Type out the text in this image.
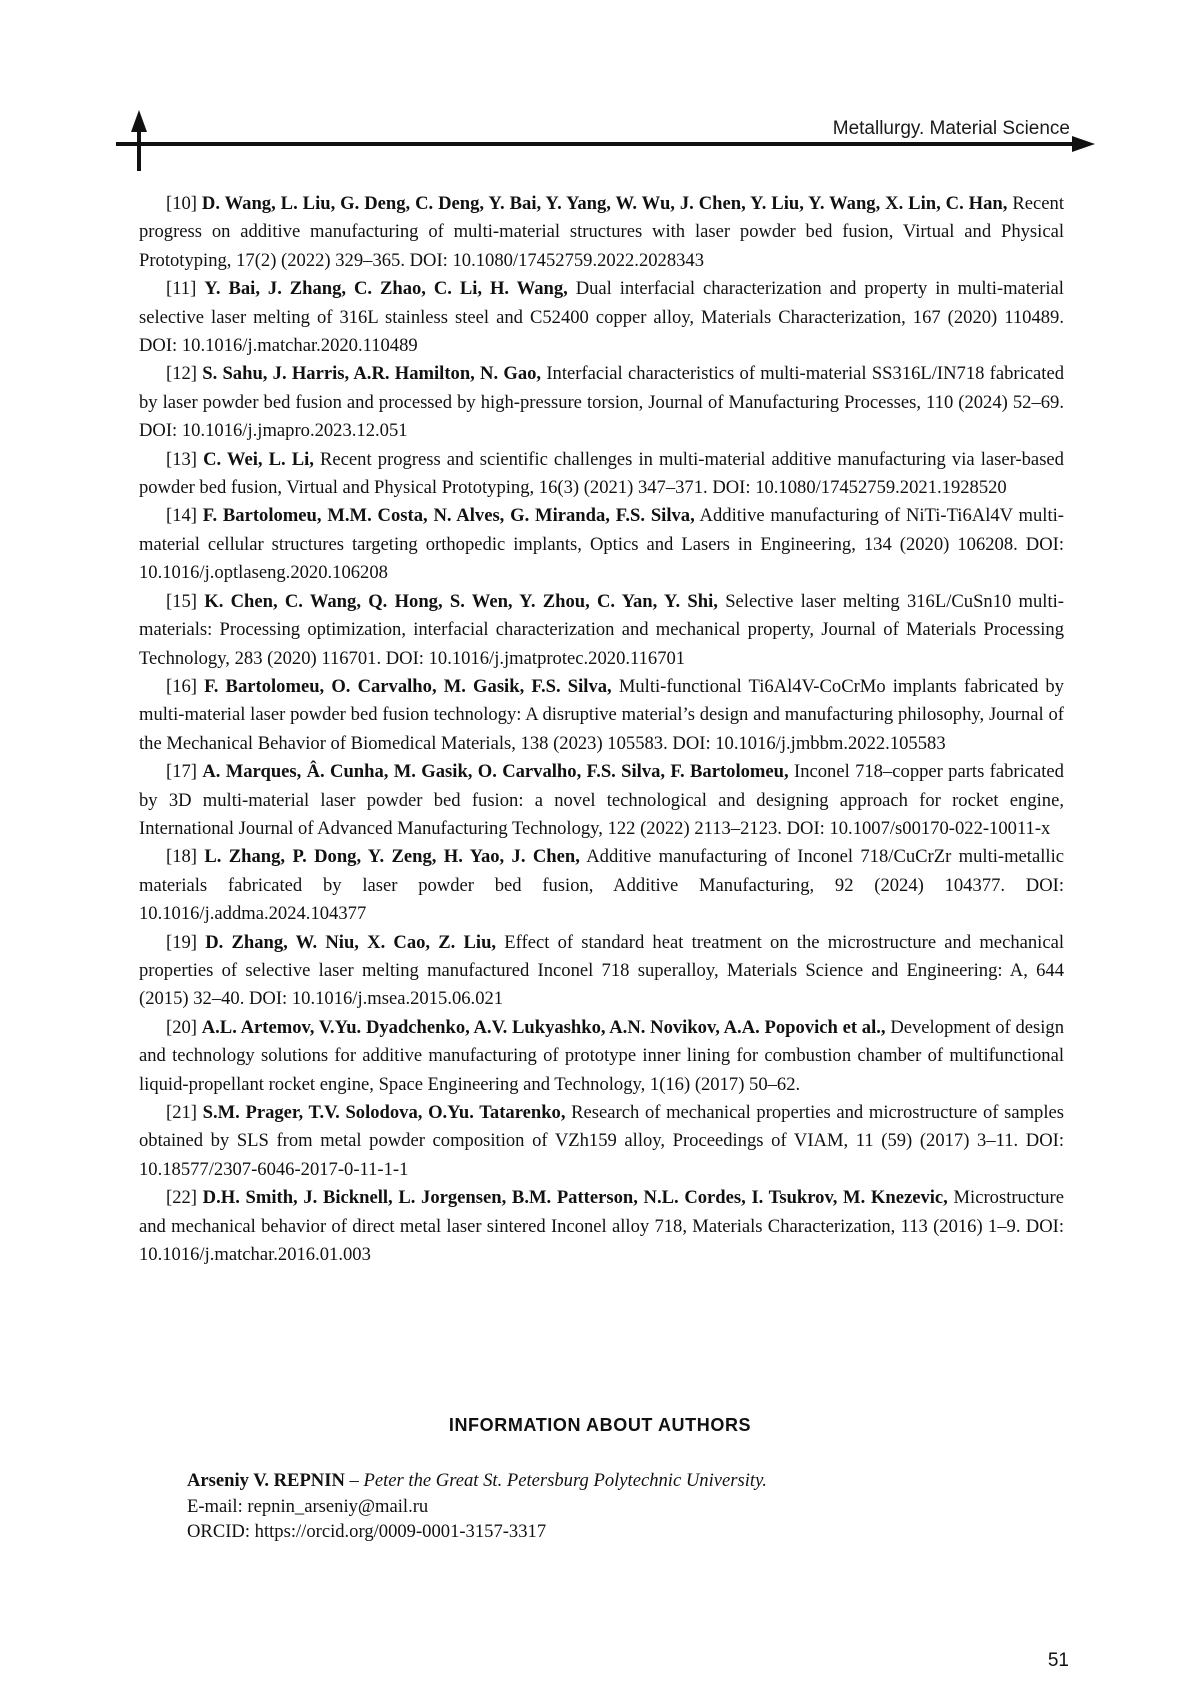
Metallurgy. Material Science

[10] D. Wang, L. Liu, G. Deng, C. Deng, Y. Bai, Y. Yang, W. Wu, J. Chen, Y. Liu, Y. Wang, X. Lin, C. Han, Recent progress on additive manufacturing of multi-material structures with laser powder bed fusion, Virtual and Physical Prototyping, 17(2) (2022) 329–365. DOI: 10.1080/17452759.2022.2028343

[11] Y. Bai, J. Zhang, C. Zhao, C. Li, H. Wang, Dual interfacial characterization and property in multi-material selective laser melting of 316L stainless steel and C52400 copper alloy, Materials Characterization, 167 (2020) 110489. DOI: 10.1016/j.matchar.2020.110489

[12] S. Sahu, J. Harris, A.R. Hamilton, N. Gao, Interfacial characteristics of multi-material SS316L/IN718 fabricated by laser powder bed fusion and processed by high-pressure torsion, Journal of Manufacturing Processes, 110 (2024) 52–69. DOI: 10.1016/j.jmapro.2023.12.051

[13] C. Wei, L. Li, Recent progress and scientific challenges in multi-material additive manufacturing via laser-based powder bed fusion, Virtual and Physical Prototyping, 16(3) (2021) 347–371. DOI: 10.1080/17452759.2021.1928520

[14] F. Bartolomeu, M.M. Costa, N. Alves, G. Miranda, F.S. Silva, Additive manufacturing of NiTi-Ti6Al4V multi-material cellular structures targeting orthopedic implants, Optics and Lasers in Engineering, 134 (2020) 106208. DOI: 10.1016/j.optlaseng.2020.106208

[15] K. Chen, C. Wang, Q. Hong, S. Wen, Y. Zhou, C. Yan, Y. Shi, Selective laser melting 316L/CuSn10 multi-materials: Processing optimization, interfacial characterization and mechanical property, Journal of Materials Processing Technology, 283 (2020) 116701. DOI: 10.1016/j.jmatprotec.2020.116701

[16] F. Bartolomeu, O. Carvalho, M. Gasik, F.S. Silva, Multi-functional Ti6Al4V-CoCrMo implants fabricated by multi-material laser powder bed fusion technology: A disruptive material’s design and manufacturing philosophy, Journal of the Mechanical Behavior of Biomedical Materials, 138 (2023) 105583. DOI: 10.1016/j.jmbbm.2022.105583

[17] A. Marques, Â. Cunha, M. Gasik, O. Carvalho, F.S. Silva, F. Bartolomeu, Inconel 718–copper parts fabricated by 3D multi-material laser powder bed fusion: a novel technological and designing approach for rocket engine, International Journal of Advanced Manufacturing Technology, 122 (2022) 2113–2123. DOI: 10.1007/s00170-022-10011-x

[18] L. Zhang, P. Dong, Y. Zeng, H. Yao, J. Chen, Additive manufacturing of Inconel 718/CuCrZr multi-metallic materials fabricated by laser powder bed fusion, Additive Manufacturing, 92 (2024) 104377. DOI: 10.1016/j.addma.2024.104377

[19] D. Zhang, W. Niu, X. Cao, Z. Liu, Effect of standard heat treatment on the microstructure and mechanical properties of selective laser melting manufactured Inconel 718 superalloy, Materials Science and Engineering: A, 644 (2015) 32–40. DOI: 10.1016/j.msea.2015.06.021

[20] A.L. Artemov, V.Yu. Dyadchenko, A.V. Lukyashko, A.N. Novikov, A.A. Popovich et al., Development of design and technology solutions for additive manufacturing of prototype inner lining for combustion chamber of multifunctional liquid-propellant rocket engine, Space Engineering and Technology, 1(16) (2017) 50–62.

[21] S.M. Prager, T.V. Solodova, O.Yu. Tatarenko, Research of mechanical properties and microstructure of samples obtained by SLS from metal powder composition of VZh159 alloy, Proceedings of VIAM, 11 (59) (2017) 3–11. DOI: 10.18577/2307-6046-2017-0-11-1-1

[22] D.H. Smith, J. Bicknell, L. Jorgensen, B.M. Patterson, N.L. Cordes, I. Tsukrov, M. Knezevic, Microstructure and mechanical behavior of direct metal laser sintered Inconel alloy 718, Materials Characterization, 113 (2016) 1–9. DOI: 10.1016/j.matchar.2016.01.003

INFORMATION ABOUT AUTHORS
Arseniy V. REPNIN – Peter the Great St. Petersburg Polytechnic University.
E-mail: repnin_arseniy@mail.ru
ORCID: https://orcid.org/0009-0001-3157-3317
51
